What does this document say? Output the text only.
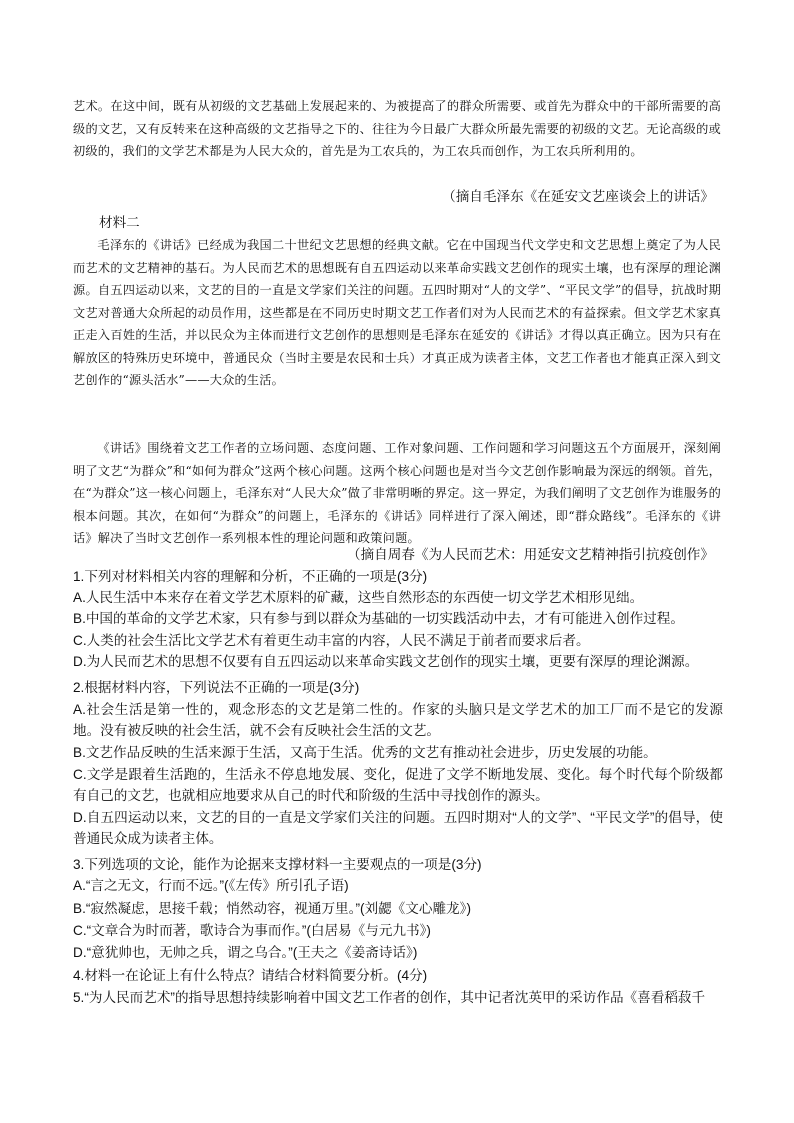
艺术。在这中间，既有从初级的文艺基础上发展起来的、为被提高了的群众所需要、或首先为群众中的干部所需要的高级的文艺，又有反转来在这种高级的文艺指导之下的、往往为今日最广大群众所最先需要的初级的文艺。无论高级的或初级的，我们的文学艺术都是为人民大众的，首先是为工农兵的，为工农兵而创作，为工农兵所利用的。

（摘自毛泽东《在延安文艺座谈会上的讲话》

材料二

毛泽东的《讲话》已经成为我国二十世纪文艺思想的经典文献。它在中国现当代文学史和文艺思想上奠定了为人民而艺术的文艺精神的基石。为人民而艺术的思想既有自五四运动以来革命实践文艺创作的现实土壤，也有深厚的理论渊源。自五四运动以来，文艺的目的一直是文学家们关注的问题。五四时期对“人的文学”、“平民文学”的倡导，抗战时期文艺对普通大众所起的动员作用，这些都是在不同历史时期文艺工作者们对为人民而艺术的有益探索。但文学艺术家真正走入百姓的生活，并以民众为主体而进行文艺创作的思想则是毛泽东在延安的《讲话》才得以真正确立。因为只有在解放区的特殊历史环境中，普通民众（当时主要是农民和士兵）才真正成为读者主体，文艺工作者也才能真正深入到文艺创作的“源头活水”——大众的生活。

《讲话》围绕着文艺工作者的立场问题、态度问题、工作对象问题、工作问题和学习问题这五个方面展开，深刻阐明了文艺“为群众”和“如何为群众”这两个核心问题。这两个核心问题也是对当今文艺创作影响最为深远的纲领。首先，在“为群众”这一核心问题上，毛泽东对“人民大众”做了非常明晰的界定。这一界定，为我们阐明了文艺创作为谁服务的根本问题。其次，在如何“为群众”的问题上，毛泽东的《讲话》同样进行了深入阐述，即“群众路线”。毛泽东的《讲话》解决了当时文艺创作一系列根本性的理论问题和政策问题。

（摘自周春《为人民而艺术：用延安文艺精神指引抗疫创作》

1.下列对材料相关内容的理解和分析，不正确的一项是(3分)

A.人民生活中本来存在着文学艺术原料的矿藏，这些自然形态的东西使一切文学艺术相形见绌。

B.中国的革命的文学艺术家，只有参与到以群众为基础的一切实践活动中去，才有可能进入创作过程。

C.人类的社会生活比文学艺术有着更生动丰富的内容，人民不满足于前者而要求后者。

D.为人民而艺术的思想不仅要有自五四运动以来革命实践文艺创作的现实土壤，更要有深厚的理论渊源。

2.根据材料内容，下列说法不正确的一项是(3分)

A.社会生活是第一性的，观念形态的文艺是第二性的。作家的头脑只是文学艺术的加工厂而不是它的发源地。没有被反映的社会生活，就不会有反映社会生活的文艺。

B.文艺作品反映的生活来源于生活，又高于生活。优秀的文艺有推动社会进步，历史发展的功能。

C.文学是跟着生活跑的，生活永不停息地发展、变化，促进了文学不断地发展、变化。每个时代每个阶级都有自己的文艺，也就相应地要求从自己的时代和阶级的生活中寻找创作的源头。

D.自五四运动以来，文艺的目的一直是文学家们关注的问题。五四时期对“人的文学”、“平民文学”的倡导，使普通民众成为读者主体。

3.下列选项的文论，能作为论据来支撑材料一主要观点的一项是(3分)

A.“言之无文，行而不远。”(《左传》所引孔子语)

B.“寂然凝虑，思接千载；悄然动容，视通万里。”(刘勰《文心雕龙》)

C.“文章合为时而著，歌诗合为事而作。”(白居易《与元九书》)

D.“意犹帅也，无帅之兵，谓之乌合。”(王夫之《姜斋诗话》)

4.材料一在论证上有什么特点？请结合材料简要分析。(4分)

5.“为人民而艺术”的指导思想持续影响着中国文艺工作者的创作，其中记者沈英甲的采访作品《喜看稻菽千
